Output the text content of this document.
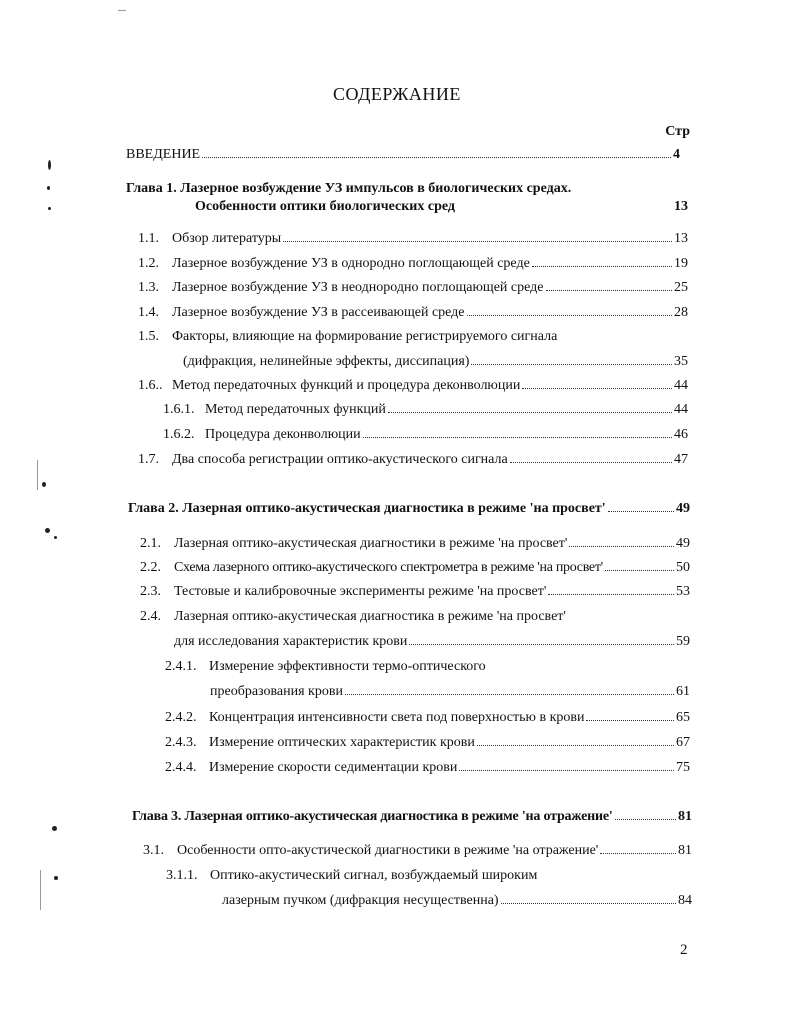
СОДЕРЖАНИЕ
Стр
ВВЕДЕНИЕ	4
Глава 1. Лазерное возбуждение УЗ импульсов в биологических средах.
Особенности оптики биологических сред	13
1.1. Обзор литературы	13
1.2. Лазерное возбуждение УЗ в однородно поглощающей среде	19
1.3. Лазерное возбуждение УЗ в неоднородно поглощающей среде	25
1.4. Лазерное возбуждение УЗ в рассеивающей среде	28
1.5. Факторы, влияющие на формирование регистрируемого сигнала
(дифракция, нелинейные эффекты, диссипация)	35
1.6.. Метод передаточных функций и процедура деконволюции	44
1.6.1. Метод передаточных функций	44
1.6.2. Процедура деконволюции	46
1.7. Два способа регистрации оптико-акустического сигнала	47
Глава 2. Лазерная оптико-акустическая диагностика в режиме 'на просвет'	49
2.1. Лазерная оптико-акустическая диагностики в режиме 'на просвет'	49
2.2. Схема лазерного оптико-акустического спектрометра в режиме 'на просвет'	50
2.3. Тестовые и калибровочные эксперименты режиме 'на просвет'	53
2.4. Лазерная оптико-акустическая диагностика в режиме 'на просвет'
для исследования характеристик крови	59
2.4.1. Измерение эффективности термо-оптического
преобразования крови	61
2.4.2. Концентрация интенсивности света под поверхностью в крови	65
2.4.3. Измерение оптических характеристик крови	67
2.4.4. Измерение скорости седиментации крови	75
Глава 3. Лазерная оптико-акустическая диагностика в режиме 'на отражение'	81
3.1. Особенности опто-акустической диагностики в режиме 'на отражение'	81
3.1.1. Оптико-акустический сигнал, возбуждаемый широким
лазерным пучком (дифракция несущественна)	84
2
